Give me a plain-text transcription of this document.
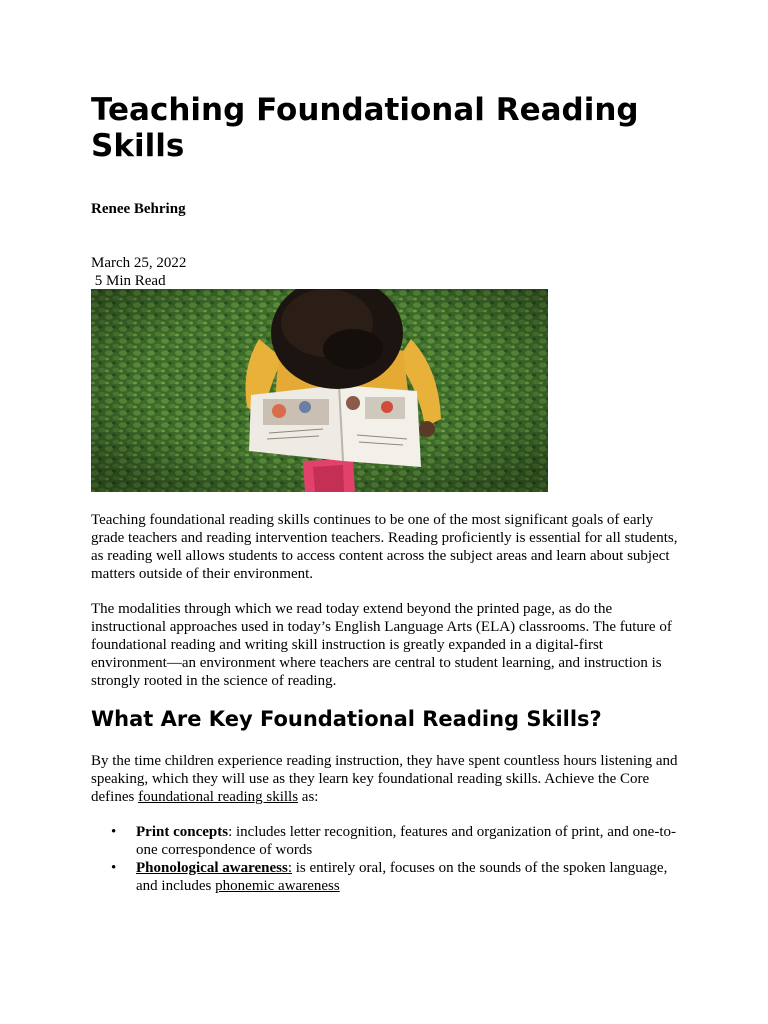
Teaching Foundational Reading Skills
Renee Behring
March 25, 2022
5 Min Read

Teaching foundational reading skills continues to be one of the most significant goals of early grade teachers and reading intervention teachers. Reading proficiently is essential for all students, as reading well allows students to access content across the subject areas and learn about subject matters outside of their environment.

The modalities through which we read today extend beyond the printed page, as do the instructional approaches used in today’s English Language Arts (ELA) classrooms. The future of foundational reading and writing skill instruction is greatly expanded in a digital-first environment—an environment where teachers are central to student learning, and instruction is strongly rooted in the science of reading.

What Are Key Foundational Reading Skills?

By the time children experience reading instruction, they have spent countless hours listening and speaking, which they will use as they learn key foundational reading skills. Achieve the Core defines foundational reading skills as:

• Print concepts: includes letter recognition, features and organization of print, and one-to-one correspondence of words
• Phonological awareness: is entirely oral, focuses on the sounds of the spoken language, and includes phonemic awareness
